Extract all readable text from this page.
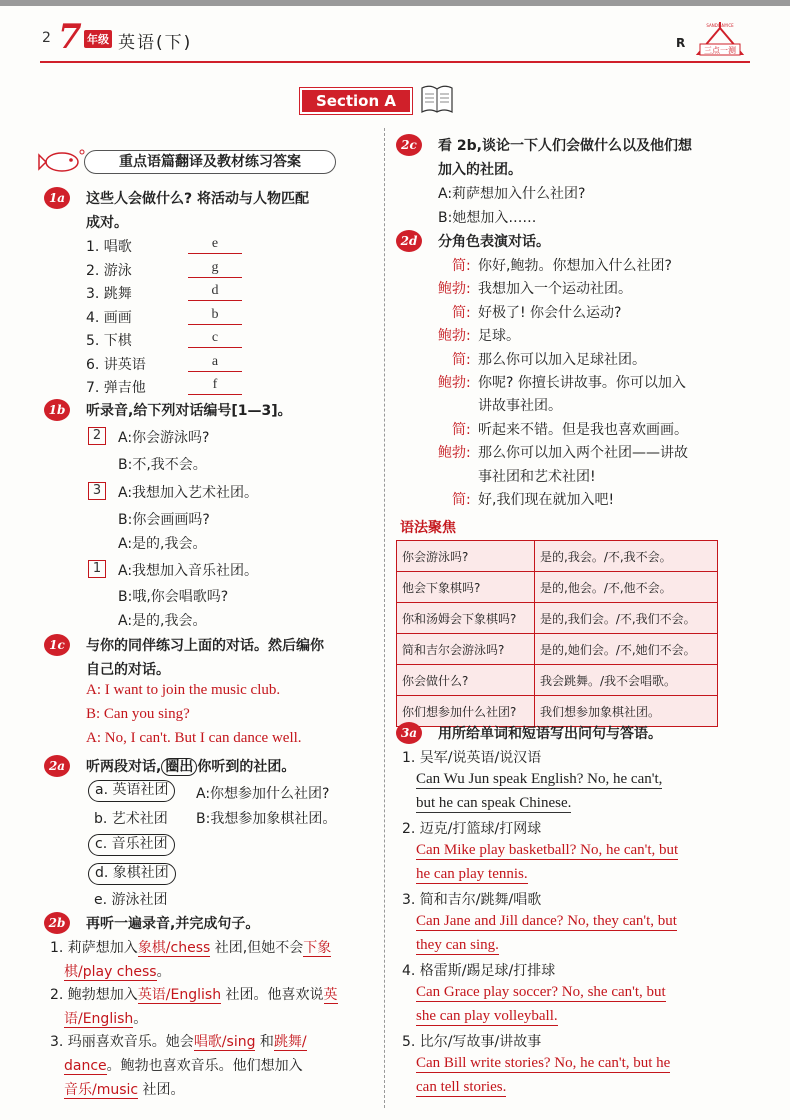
2 7 年级 英语(下)	R
三点一测
SANDIANYICE
Section A
重点语篇翻译及教材练习答案
1a	这些人会做什么? 将活动与人物匹配
成对。
1. 唱歌	e
2. 游泳	g
3. 跳舞	d
4. 画画	b
5. 下棋	c
6. 讲英语	a
7. 弹吉他	f
1b	听录音,给下列对话编号[1—3]。
2	A:你会游泳吗?
B:不,我不会。
3	A:我想加入艺术社团。
B:你会画画吗?
A:是的,我会。
1	A:我想加入音乐社团。
B:哦,你会唱歌吗?
A:是的,我会。
1c	与你的同伴练习上面的对话。然后编你
自己的对话。
A: I want to join the music club.
B: Can you sing?
A: No, I can't. But I can dance well.
2a	听两段对话, 圈出 你听到的社团。
a. 英语社团
b. 艺术社团
c. 音乐社团
d. 象棋社团
e. 游泳社团
A:你想参加什么社团?
B:我想参加象棋社团。
2b	再听一遍录音,并完成句子。
1. 莉萨想加入象棋/chess 社团,但她不会下象
棋/play chess。
2. 鲍勃想加入英语/English 社团。他喜欢说英
语/English。
3. 玛丽喜欢音乐。她会唱歌/sing 和跳舞/
dance。鲍勃也喜欢音乐。他们想加入
音乐/music 社团。
2c	看 2b,谈论一下人们会做什么以及他们想
加入的社团。
A:莉萨想加入什么社团?
B:她想加入……
2d	分角色表演对话。
简: 你好,鲍勃。你想加入什么社团?
鲍勃: 我想加入一个运动社团。
简: 好极了! 你会什么运动?
鲍勃: 足球。
简: 那么你可以加入足球社团。
鲍勃: 你呢? 你擅长讲故事。你可以加入
讲故事社团。
简: 听起来不错。但是我也喜欢画画。
鲍勃: 那么你可以加入两个社团——讲故
事社团和艺术社团!
简: 好,我们现在就加入吧!
语法聚焦
你会游泳吗?	是的,我会。/不,我不会。
他会下象棋吗?	是的,他会。/不,他不会。
你和汤姆会下象棋吗?	是的,我们会。/不,我们不会。
简和吉尔会游泳吗?	是的,她们会。/不,她们不会。
你会做什么?	我会跳舞。/我不会唱歌。
你们想参加什么社团?	我们想参加象棋社团。
3a	用所给单词和短语写出问句与答语。
1. 吴军/说英语/说汉语
Can Wu Jun speak English? No, he can't,
but he can speak Chinese.
2. 迈克/打篮球/打网球
Can Mike play basketball? No, he can't, but
he can play tennis.
3. 简和吉尔/跳舞/唱歌
Can Jane and Jill dance? No, they can't, but
they can sing.
4. 格雷斯/踢足球/打排球
Can Grace play soccer? No, she can't, but
she can play volleyball.
5. 比尔/写故事/讲故事
Can Bill write stories? No, he can't, but he
can tell stories.
